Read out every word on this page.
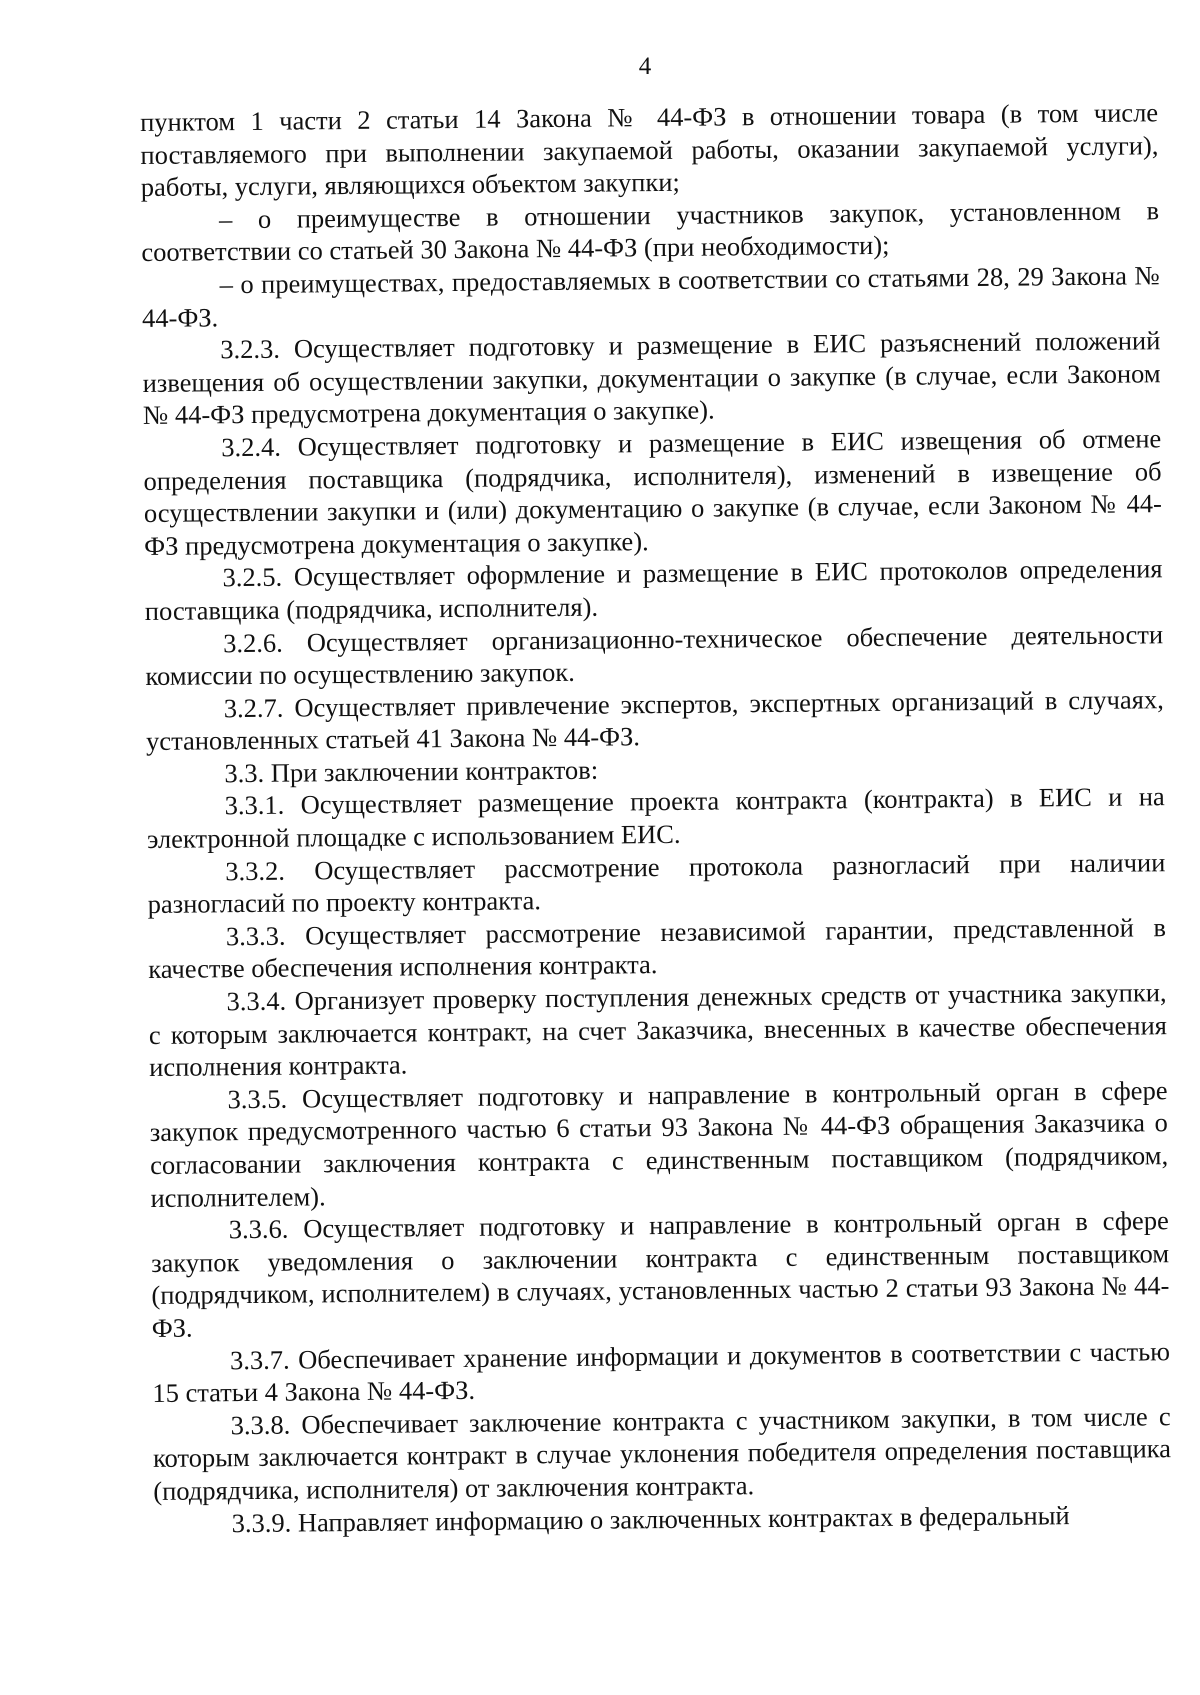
4

пунктом 1 части 2 статьи 14 Закона № 44-ФЗ в отношении товара (в том числе поставляемого при выполнении закупаемой работы, оказании закупаемой услуги), работы, услуги, являющихся объектом закупки;

– о преимуществе в отношении участников закупок, установленном в соответствии со статьей 30 Закона № 44-ФЗ (при необходимости);

– о преимуществах, предоставляемых в соответствии со статьями 28, 29 Закона № 44-ФЗ.

3.2.3. Осуществляет подготовку и размещение в ЕИС разъяснений положений извещения об осуществлении закупки, документации о закупке (в случае, если Законом № 44-ФЗ предусмотрена документация о закупке).

3.2.4. Осуществляет подготовку и размещение в ЕИС извещения об отмене определения поставщика (подрядчика, исполнителя), изменений в извещение об осуществлении закупки и (или) документацию о закупке (в случае, если Законом № 44-ФЗ предусмотрена документация о закупке).

3.2.5. Осуществляет оформление и размещение в ЕИС протоколов определения поставщика (подрядчика, исполнителя).

3.2.6. Осуществляет организационно-техническое обеспечение деятельности комиссии по осуществлению закупок.

3.2.7. Осуществляет привлечение экспертов, экспертных организаций в случаях, установленных статьей 41 Закона № 44-ФЗ.

3.3. При заключении контрактов:

3.3.1. Осуществляет размещение проекта контракта (контракта) в ЕИС и на электронной площадке с использованием ЕИС.

3.3.2. Осуществляет рассмотрение протокола разногласий при наличии разногласий по проекту контракта.

3.3.3. Осуществляет рассмотрение независимой гарантии, представленной в качестве обеспечения исполнения контракта.

3.3.4. Организует проверку поступления денежных средств от участника закупки, с которым заключается контракт, на счет Заказчика, внесенных в качестве обеспечения исполнения контракта.

3.3.5. Осуществляет подготовку и направление в контрольный орган в сфере закупок предусмотренного частью 6 статьи 93 Закона № 44-ФЗ обращения Заказчика о согласовании заключения контракта с единственным поставщиком (подрядчиком, исполнителем).

3.3.6. Осуществляет подготовку и направление в контрольный орган в сфере закупок уведомления о заключении контракта с единственным поставщиком (подрядчиком, исполнителем) в случаях, установленных частью 2 статьи 93 Закона № 44-ФЗ.

3.3.7. Обеспечивает хранение информации и документов в соответствии с частью 15 статьи 4 Закона № 44-ФЗ.

3.3.8. Обеспечивает заключение контракта с участником закупки, в том числе с которым заключается контракт в случае уклонения победителя определения поставщика (подрядчика, исполнителя) от заключения контракта.

3.3.9. Направляет информацию о заключенных контрактах в федеральный
